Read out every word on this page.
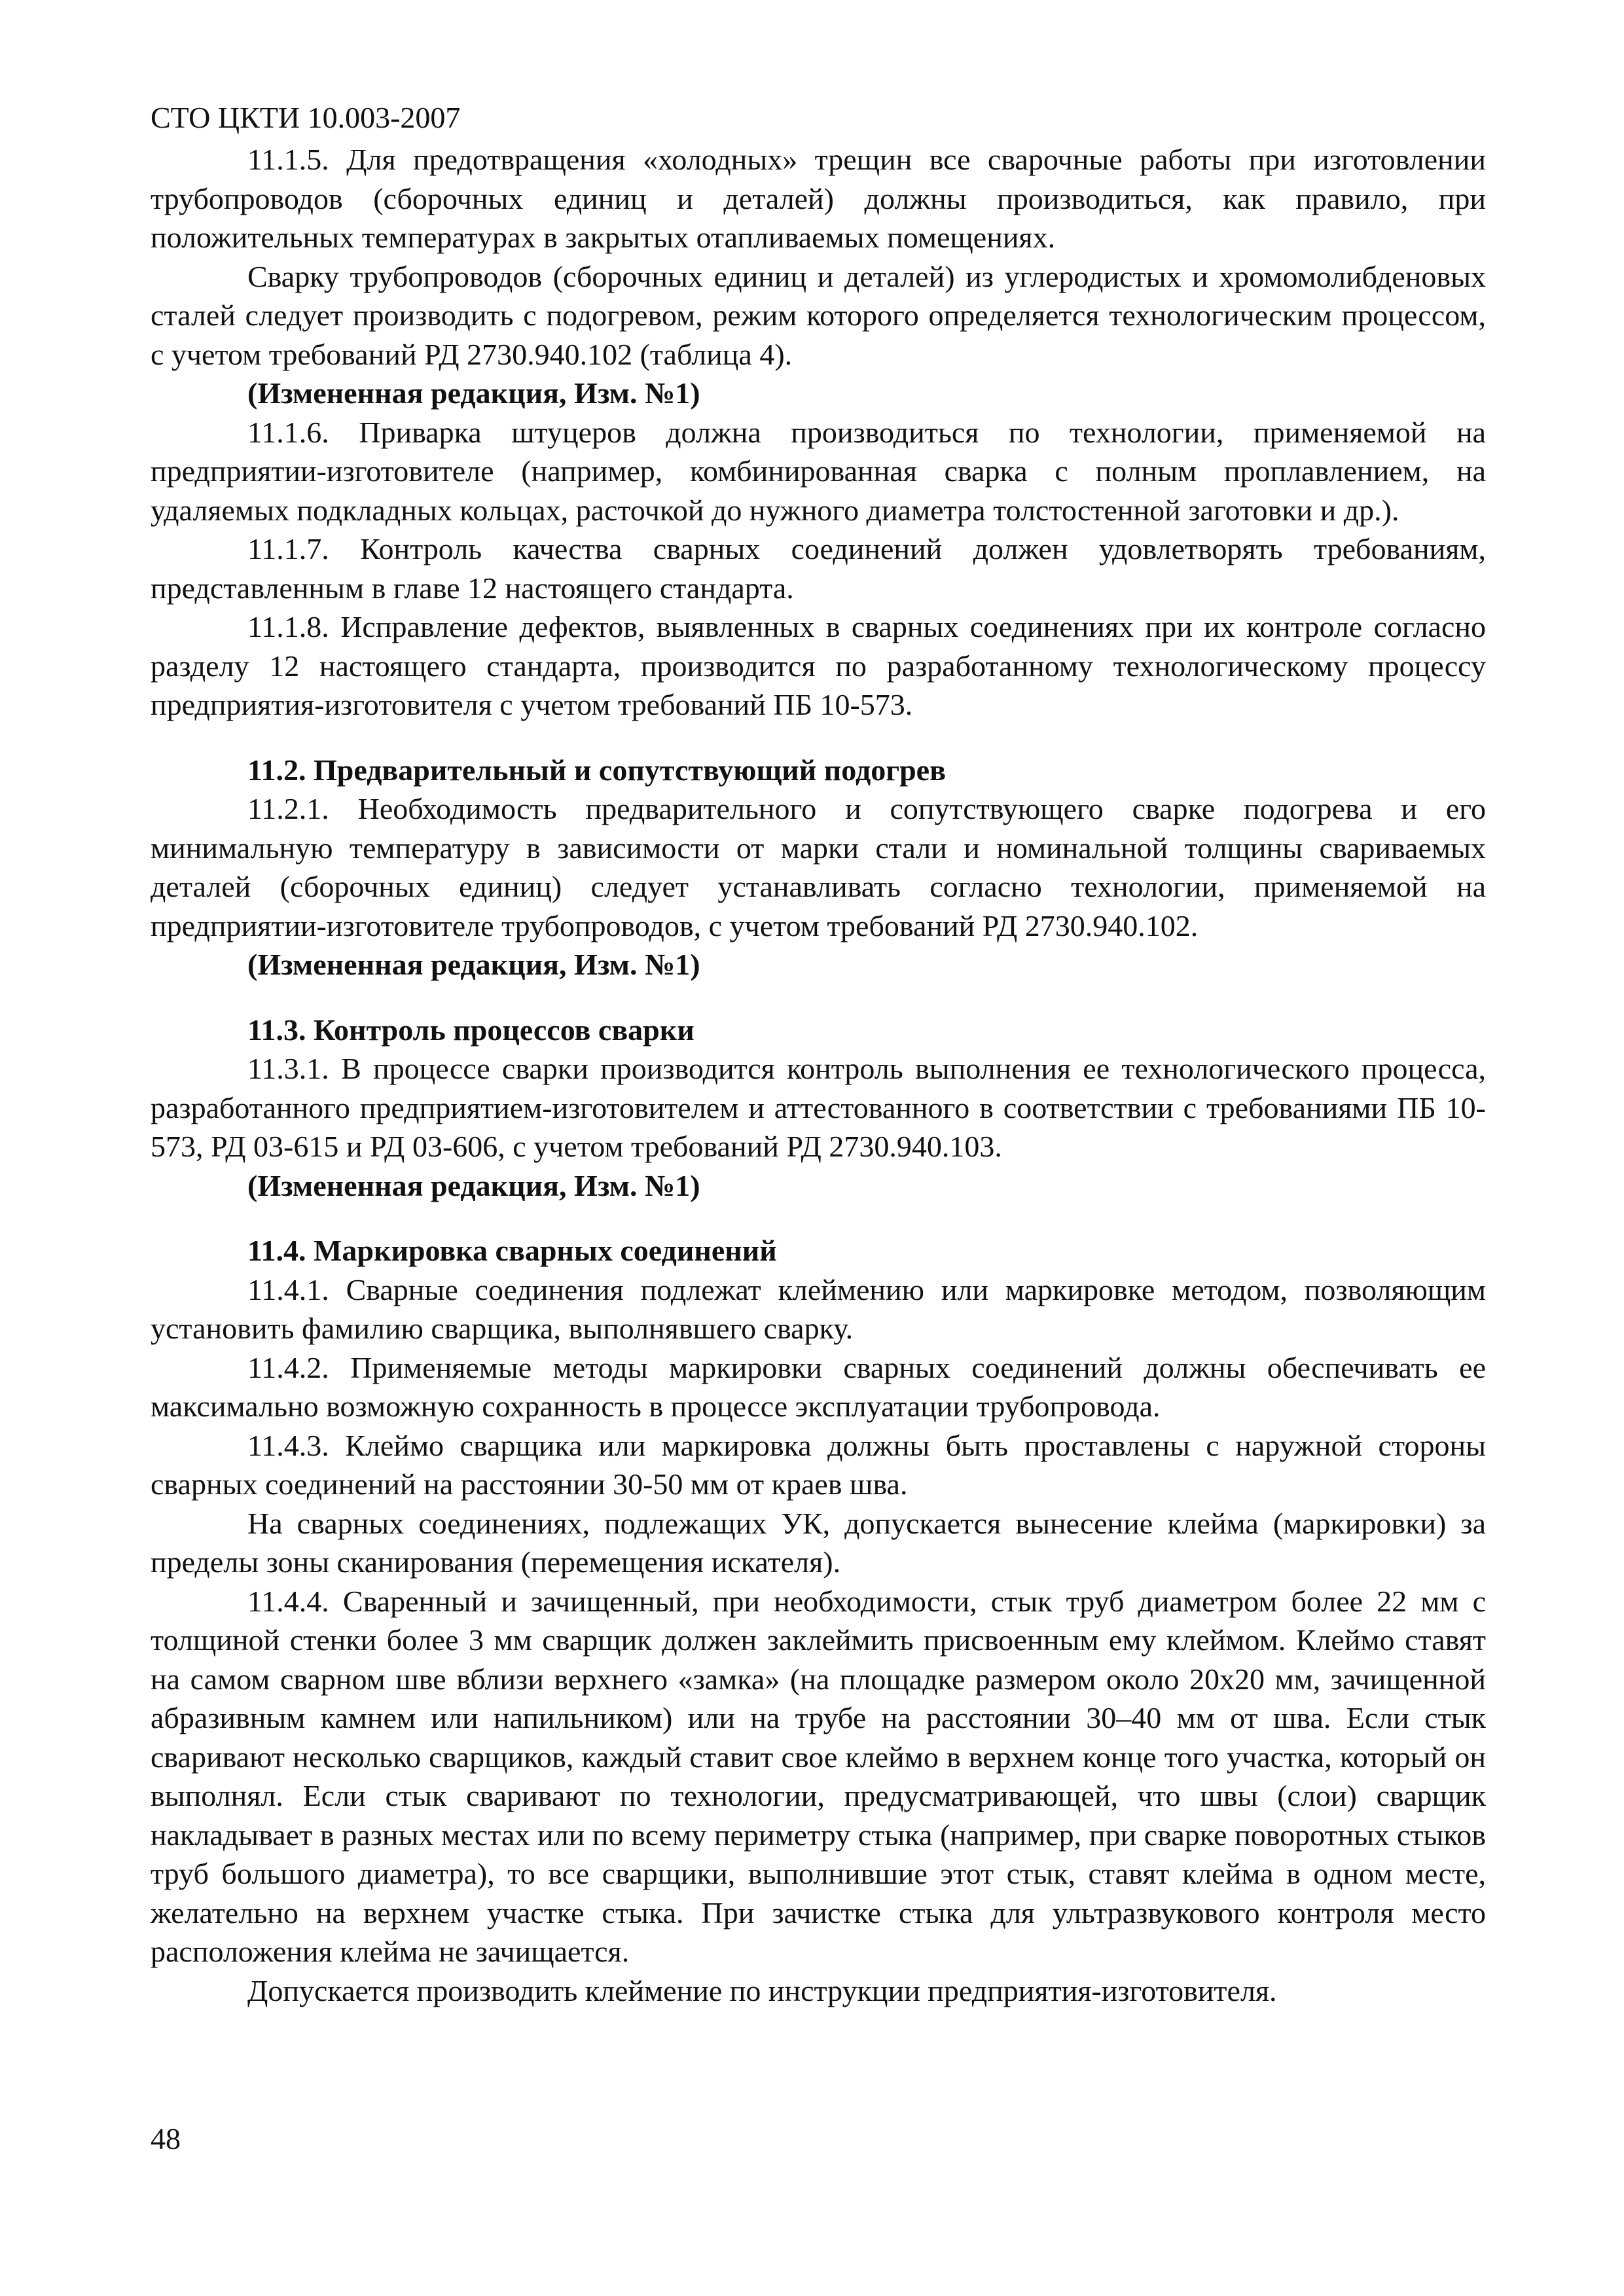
СТО ЦКТИ 10.003-2007

11.1.5. Для предотвращения «холодных» трещин все сварочные работы при изготовлении трубопроводов (сборочных единиц и деталей) должны производиться, как правило, при положительных температурах в закрытых отапливаемых помещениях.

Сварку трубопроводов (сборочных единиц и деталей) из углеродистых и хромомолибденовых сталей следует производить с подогревом, режим которого определяется технологическим процессом, с учетом требований РД 2730.940.102 (таблица 4).

(Измененная редакция, Изм. №1)

11.1.6. Приварка штуцеров должна производиться по технологии, применяемой на предприятии-изготовителе (например, комбинированная сварка с полным проплавлением, на удаляемых подкладных кольцах, расточкой до нужного диаметра толстостенной заготовки и др.).

11.1.7. Контроль качества сварных соединений должен удовлетворять требованиям, представленным в главе 12 настоящего стандарта.

11.1.8. Исправление дефектов, выявленных в сварных соединениях при их контроле согласно разделу 12 настоящего стандарта, производится по разработанному технологическому процессу предприятия-изготовителя с учетом требований ПБ 10-573.

11.2. Предварительный и сопутствующий подогрев

11.2.1. Необходимость предварительного и сопутствующего сварке подогрева и его минимальную температуру в зависимости от марки стали и номинальной толщины свариваемых деталей (сборочных единиц) следует устанавливать согласно технологии, применяемой на предприятии-изготовителе трубопроводов, с учетом требований РД 2730.940.102.

(Измененная редакция, Изм. №1)

11.3. Контроль процессов сварки

11.3.1. В процессе сварки производится контроль выполнения ее технологического процесса, разработанного предприятием-изготовителем и аттестованного в соответствии с требованиями ПБ 10-573, РД 03-615 и РД 03-606, с учетом требований РД 2730.940.103.

(Измененная редакция, Изм. №1)

11.4. Маркировка сварных соединений

11.4.1. Сварные соединения подлежат клеймению или маркировке методом, позволяющим установить фамилию сварщика, выполнявшего сварку.

11.4.2. Применяемые методы маркировки сварных соединений должны обеспечивать ее максимально возможную сохранность в процессе эксплуатации трубопровода.

11.4.3. Клеймо сварщика или маркировка должны быть проставлены с наружной стороны сварных соединений на расстоянии 30-50 мм от краев шва.

На сварных соединениях, подлежащих УК, допускается вынесение клейма (маркировки) за пределы зоны сканирования (перемещения искателя).

11.4.4. Сваренный и зачищенный, при необходимости, стык труб диаметром более 22 мм с толщиной стенки более 3 мм сварщик должен заклеймить присвоенным ему клеймом. Клеймо ставят на самом сварном шве вблизи верхнего «замка» (на площадке размером около 20x20 мм, зачищенной абразивным камнем или напильником) или на трубе на расстоянии 30–40 мм от шва. Если стык сваривают несколько сварщиков, каждый ставит свое клеймо в верхнем конце того участка, который он выполнял. Если стык сваривают по технологии, предусматривающей, что швы (слои) сварщик накладывает в разных местах или по всему периметру стыка (например, при сварке поворотных стыков труб большого диаметра), то все сварщики, выполнившие этот стык, ставят клейма в одном месте, желательно на верхнем участке стыка. При зачистке стыка для ультразвукового контроля место расположения клейма не зачищается.

Допускается производить клеймение по инструкции предприятия-изготовителя.

48
